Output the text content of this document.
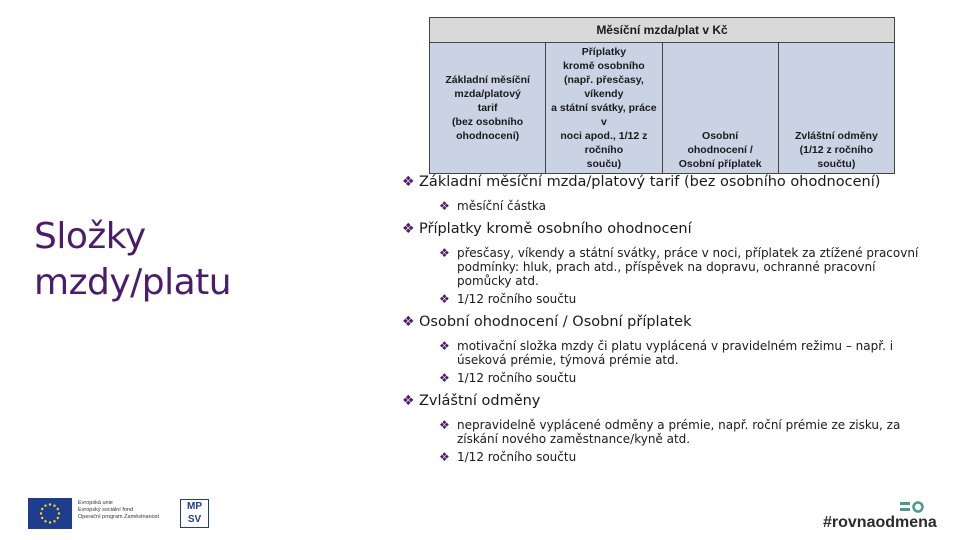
Složky
mzdy/platu
Měsíční mzda/plat v Kč

Základní měsíční
mzda/platový
tarif
(bez osobního
ohodnocení)

Příplatky
kromě osobního
(např. přesčasy, víkendy
a státní svátky, práce v
noci apod., 1/12 z ročního
souču)

Osobní
ohodnocení /
Osobní příplatek

Zvláštní odměny
(1/12 z ročního
součtu)
❖ Základní měsíční mzda/platový tarif (bez osobního ohodnocení)
❖ měsíční částka
❖ Příplatky kromě osobního ohodnocení
❖ přesčasy, víkendy a státní svátky, práce v noci, příplatek za ztížené pracovní podmínky: hluk, prach atd., příspěvek na dopravu, ochranné pracovní pomůcky atd.
❖ 1/12 ročního součtu
❖ Osobní ohodnocení / Osobní příplatek
❖ motivační složka mzdy či platu vyplácená v pravidelném režimu – např. i úseková prémie, týmová prémie atd.
❖ 1/12 ročního součtu
❖ Zvláštní odměny
❖ nepravidelně vyplácené odměny a prémie, např. roční prémie ze zisku, za získání nového zaměstnance/kyně atd.
❖ 1/12 ročního součtu
Evropská unie
Evropský sociální fond
Operační program Zaměstnanost
MP
SV	#rovnaodmena
